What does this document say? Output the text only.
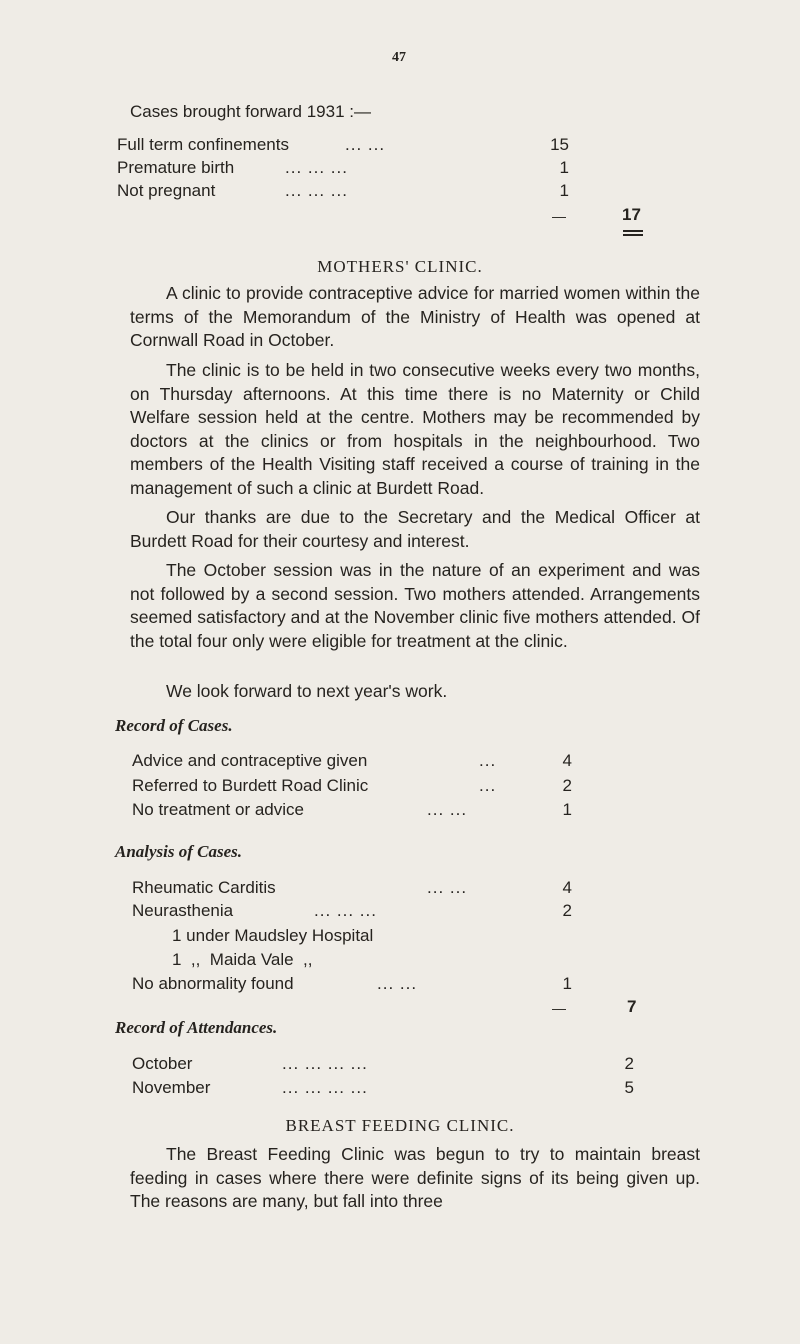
47
Cases brought forward 1931 :—
Full term confinements	... ...	15
Premature birth	... ... ...	1
Not pregnant	... ... ...	1
—	17
MOTHERS' CLINIC.

A clinic to provide contraceptive advice for married women within the terms of the Memorandum of the Ministry of Health was opened at Cornwall Road in October.

The clinic is to be held in two consecutive weeks every two months, on Thursday afternoons. At this time there is no Maternity or Child Welfare session held at the centre. Mothers may be recommended by doctors at the clinics or from hospitals in the neighbourhood. Two members of the Health Visiting staff received a course of training in the management of such a clinic at Burdett Road.

Our thanks are due to the Secretary and the Medical Officer at Burdett Road for their courtesy and interest.

The October session was in the nature of an experiment and was not followed by a second session. Two mothers attended. Arrangements seemed satisfactory and at the November clinic five mothers attended. Of the total four only were eligible for treatment at the clinic.

We look forward to next year's work.

Record of Cases.
Advice and contraceptive given	...	4
Referred to Burdett Road Clinic	...	2
No treatment or advice	... ...	1
Analysis of Cases.
Rheumatic Carditis	... ...	4
Neurasthenia	... ... ...	2
1 under Maudsley Hospital
1  ,,  Maida Vale  ,,
No abnormality found	... ...	1
—	7
Record of Attendances.
October	... ... ... ...	2
November	... ... ... ...	5
BREAST FEEDING CLINIC.

The Breast Feeding Clinic was begun to try to maintain breast feeding in cases where there were definite signs of its being given up. The reasons are many, but fall into three
